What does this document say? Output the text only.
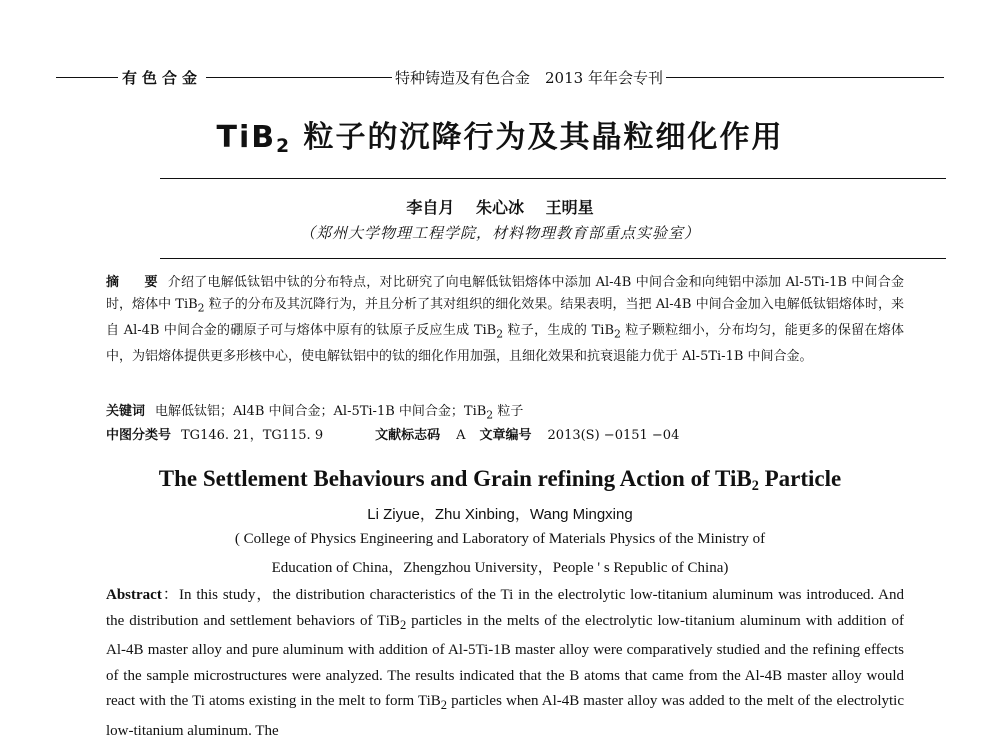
有色合金	特种铸造及有色合金　2013 年年会专刊
TiB$_2$ 粒子的沉降行为及其晶粒细化作用
李自月 朱心冰 王明星
（郑州大学物理工程学院，材料物理教育部重点实验室）
摘　要 介绍了电解低钛铝中钛的分布特点，对比研究了向电解低钛铝熔体中添加 Al-4B 中间合金和向纯铝中添加 Al-5Ti-1B 中间合金时，熔体中 TiB$_2$ 粒子的分布及其沉降行为，并且分析了其对组织的细化效果。结果表明，当把 Al-4B 中间合金加入电解低钛铝熔体时，来自 Al-4B 中间合金的硼原子可与熔体中原有的钛原子反应生成 TiB$_2$ 粒子，生成的 TiB$_2$ 粒子颗粒细小，分布均匀，能更多的保留在熔体中，为铝熔体提供更多形核中心，使电解钛铝中的钛的细化作用加强，且细化效果和抗衰退能力优于 Al-5Ti-1B 中间合金。
关键词 电解低钛铝；Al4B 中间合金；Al-5Ti-1B 中间合金；TiB$_2$ 粒子
中图分类号 TG146. 21，TG115. 9	文献标志码 A 文章编号 2013(S) −0151 −04
The Settlement Behaviours and Grain refining Action of TiB$_2$ Particle
Li Ziyue，Zhu Xinbing，Wang Mingxing
( College of Physics Engineering and Laboratory of Materials Physics of the Ministry of
Education of China，Zhengzhou University，People ' s Republic of China)
Abstract：In this study，the distribution characteristics of the Ti in the electrolytic low-titanium aluminum was introduced. And the distribution and settlement behaviors of TiB$_2$ particles in the melts of the electrolytic low-titanium aluminum with addition of Al-4B master alloy and pure aluminum with addition of Al-5Ti-1B master alloy were comparatively studied and the refining effects of the sample microstructures were analyzed. The results indicated that the B atoms that came from the Al-4B master alloy would react with the Ti atoms existing in the melt to form TiB$_2$ particles when Al-4B master alloy was added to the melt of the electrolytic low-titanium aluminum. The
